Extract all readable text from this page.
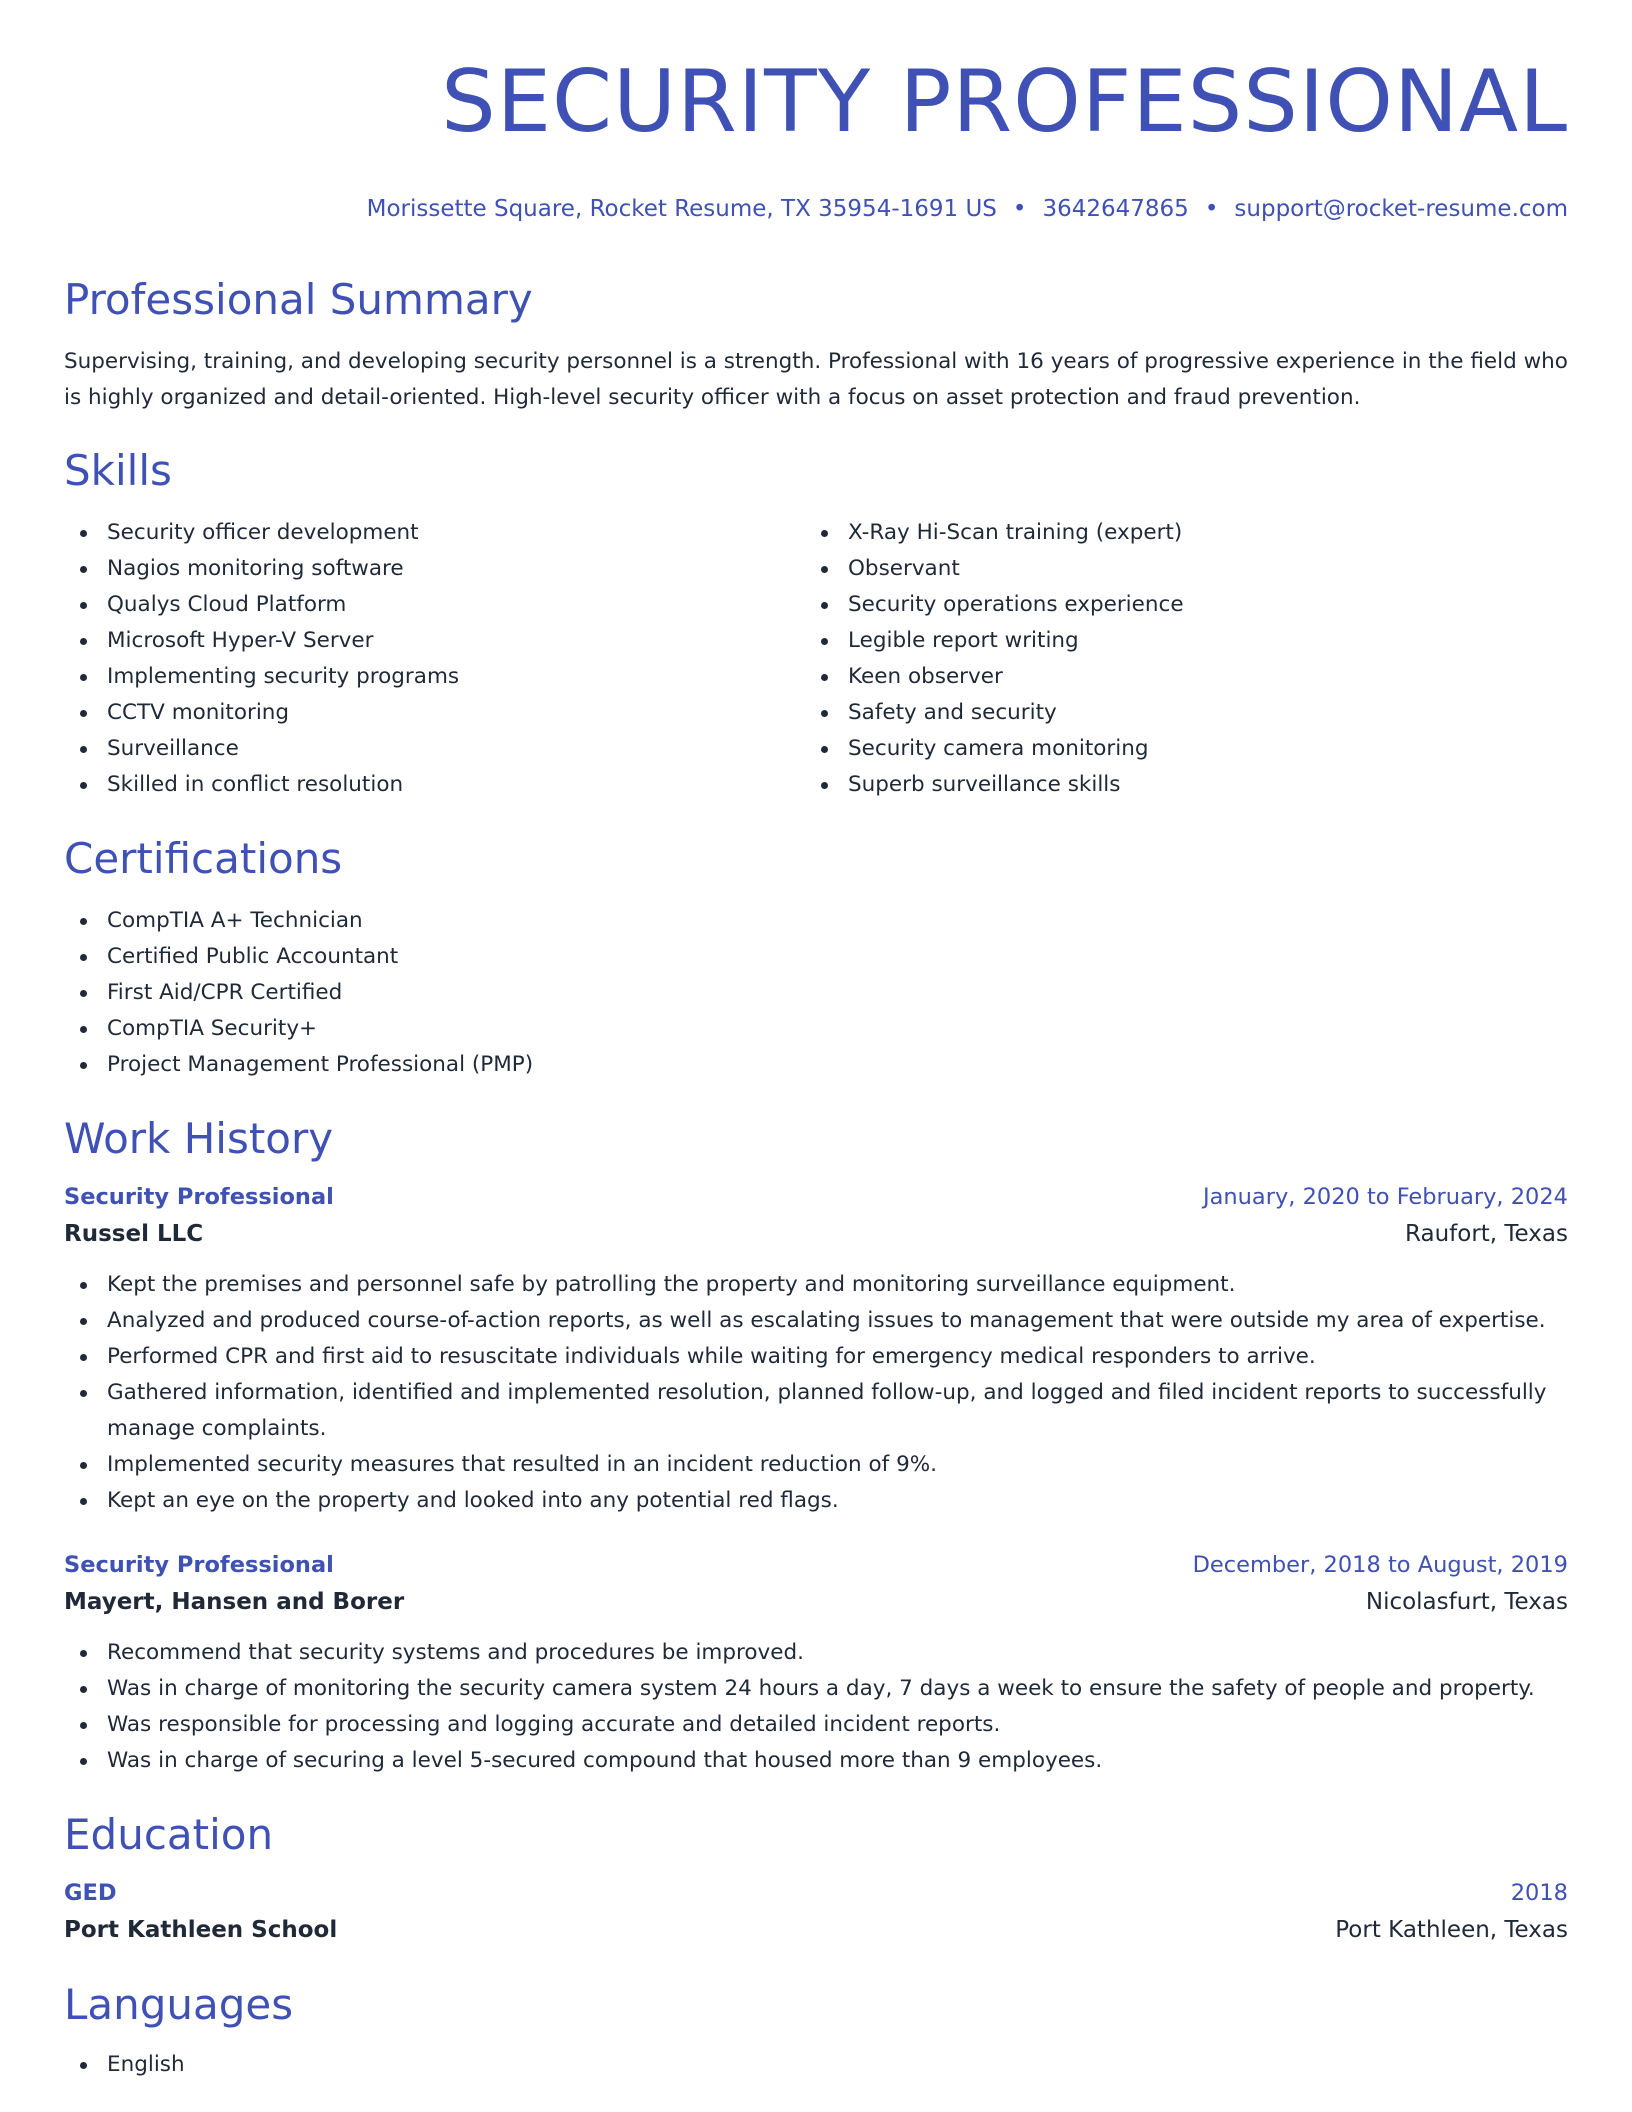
SECURITY PROFESSIONAL
Morissette Square, Rocket Resume, TX 35954-1691 US • 3642647865 • support@rocket-resume.com
Professional Summary

Supervising, training, and developing security personnel is a strength. Professional with 16 years of progressive experience in the field who is highly organized and detail-oriented. High-level security officer with a focus on asset protection and fraud prevention.

Skills
Security officer development
Nagios monitoring software
Qualys Cloud Platform
Microsoft Hyper-V Server
Implementing security programs
CCTV monitoring
Surveillance
Skilled in conflict resolution
X-Ray Hi-Scan training (expert)
Observant
Security operations experience
Legible report writing
Keen observer
Safety and security
Security camera monitoring
Superb surveillance skills
Certifications
CompTIA A+ Technician
Certified Public Accountant
First Aid/CPR Certified
CompTIA Security+
Project Management Professional (PMP)
Work History
Security Professional	January, 2020 to February, 2024
Russel LLC	Raufort, Texas
Kept the premises and personnel safe by patrolling the property and monitoring surveillance equipment.
Analyzed and produced course-of-action reports, as well as escalating issues to management that were outside my area of expertise.
Performed CPR and first aid to resuscitate individuals while waiting for emergency medical responders to arrive.
Gathered information, identified and implemented resolution, planned follow-up, and logged and filed incident reports to successfully manage complaints.
Implemented security measures that resulted in an incident reduction of 9%.
Kept an eye on the property and looked into any potential red flags.
Security Professional	December, 2018 to August, 2019
Mayert, Hansen and Borer	Nicolasfurt, Texas
Recommend that security systems and procedures be improved.
Was in charge of monitoring the security camera system 24 hours a day, 7 days a week to ensure the safety of people and property.
Was responsible for processing and logging accurate and detailed incident reports.
Was in charge of securing a level 5-secured compound that housed more than 9 employees.
Education
GED	2018
Port Kathleen School	Port Kathleen, Texas
Languages
English
